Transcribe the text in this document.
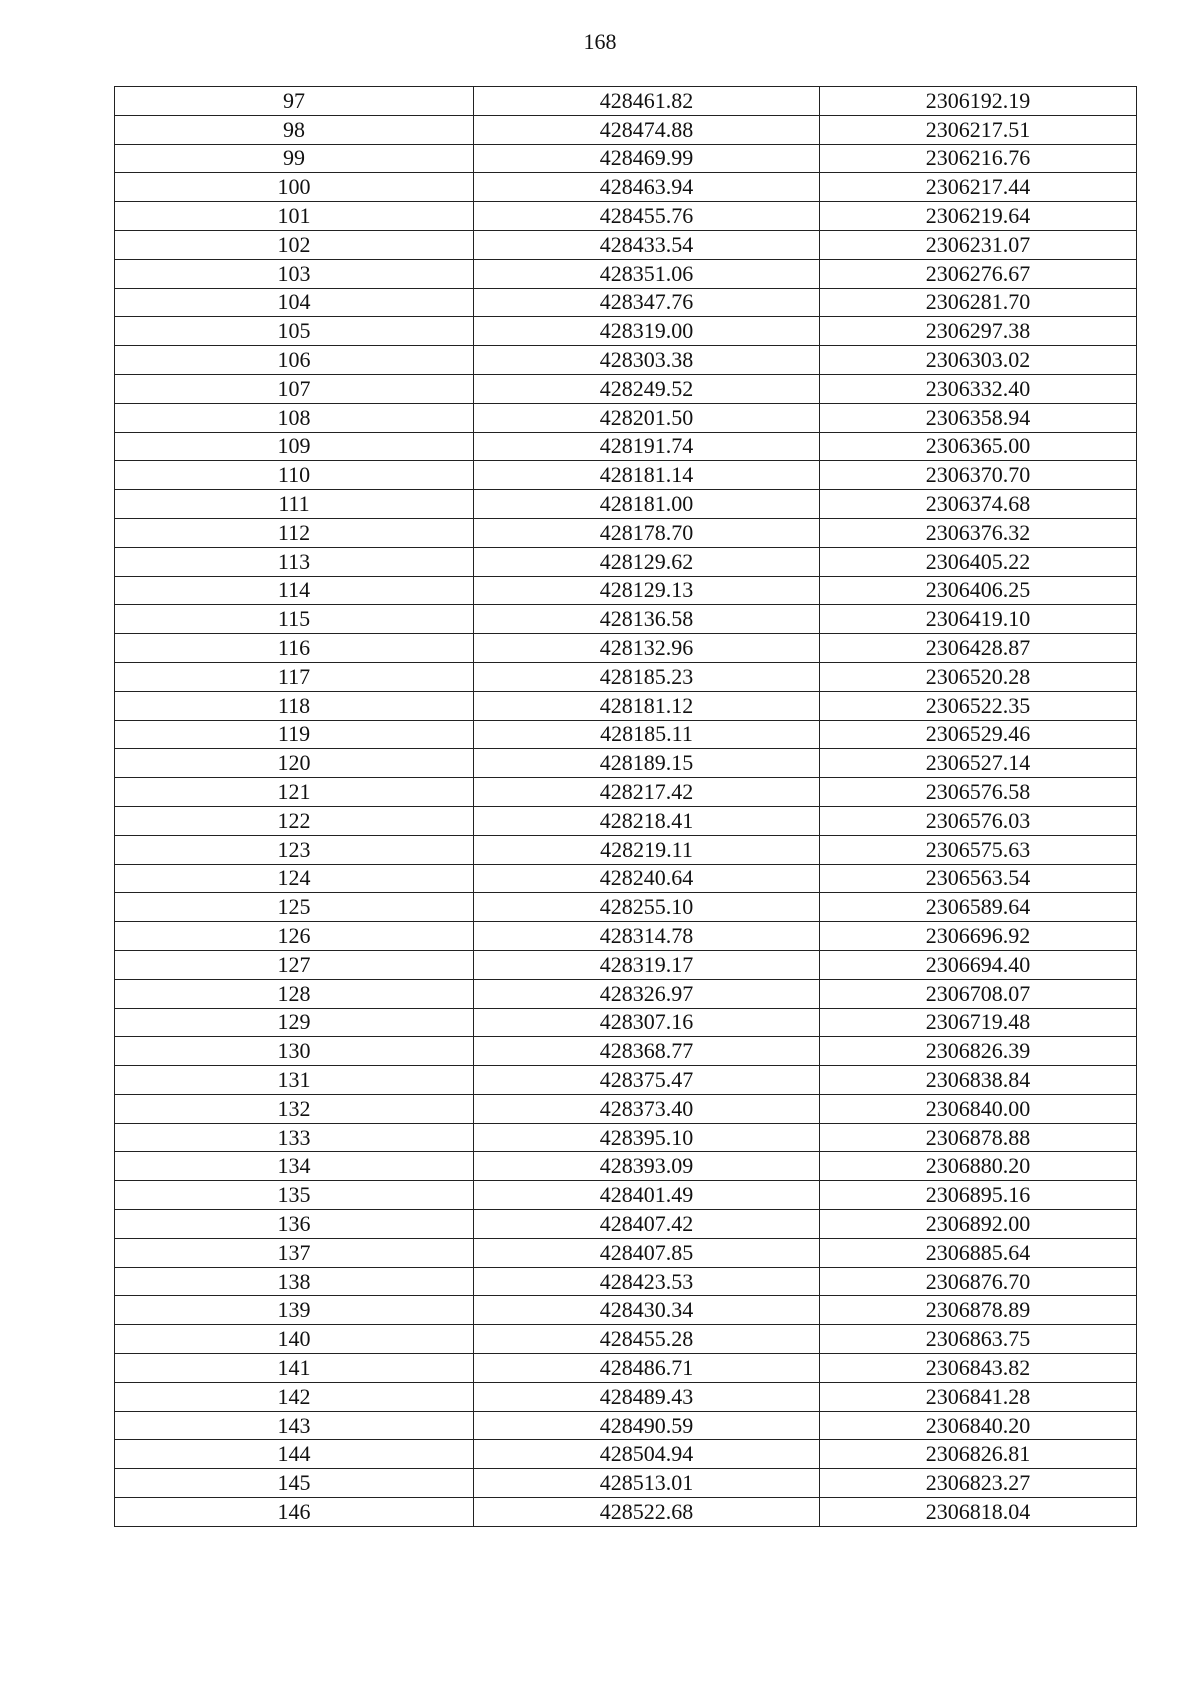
168
97	428461.82	2306192.19
98	428474.88	2306217.51
99	428469.99	2306216.76
100	428463.94	2306217.44
101	428455.76	2306219.64
102	428433.54	2306231.07
103	428351.06	2306276.67
104	428347.76	2306281.70
105	428319.00	2306297.38
106	428303.38	2306303.02
107	428249.52	2306332.40
108	428201.50	2306358.94
109	428191.74	2306365.00
110	428181.14	2306370.70
111	428181.00	2306374.68
112	428178.70	2306376.32
113	428129.62	2306405.22
114	428129.13	2306406.25
115	428136.58	2306419.10
116	428132.96	2306428.87
117	428185.23	2306520.28
118	428181.12	2306522.35
119	428185.11	2306529.46
120	428189.15	2306527.14
121	428217.42	2306576.58
122	428218.41	2306576.03
123	428219.11	2306575.63
124	428240.64	2306563.54
125	428255.10	2306589.64
126	428314.78	2306696.92
127	428319.17	2306694.40
128	428326.97	2306708.07
129	428307.16	2306719.48
130	428368.77	2306826.39
131	428375.47	2306838.84
132	428373.40	2306840.00
133	428395.10	2306878.88
134	428393.09	2306880.20
135	428401.49	2306895.16
136	428407.42	2306892.00
137	428407.85	2306885.64
138	428423.53	2306876.70
139	428430.34	2306878.89
140	428455.28	2306863.75
141	428486.71	2306843.82
142	428489.43	2306841.28
143	428490.59	2306840.20
144	428504.94	2306826.81
145	428513.01	2306823.27
146	428522.68	2306818.04
